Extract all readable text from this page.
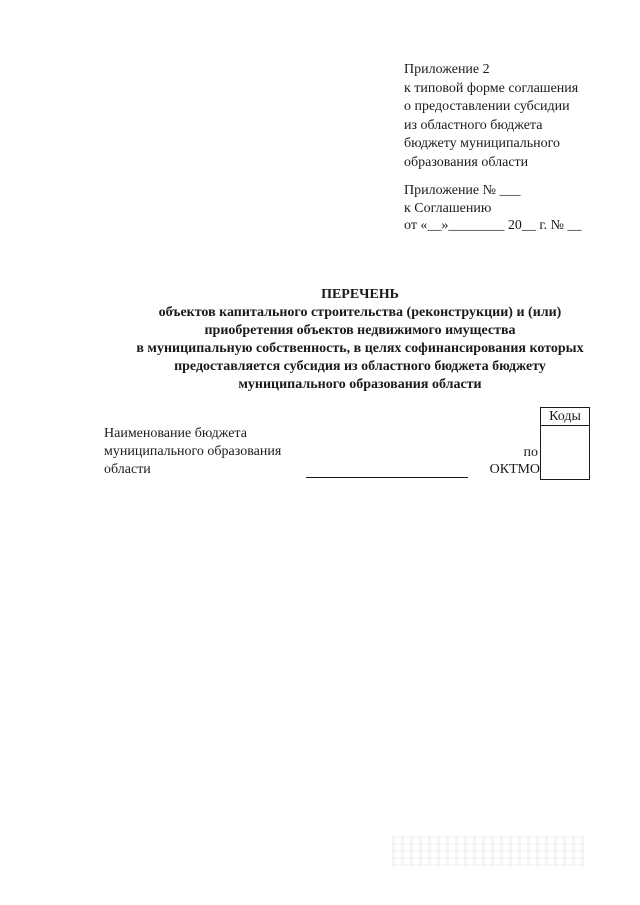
Приложение 2
к типовой форме соглашения
о предоставлении субсидии
из областного бюджета
бюджету муниципального
образования области
Приложение № ___
к Соглашению
от «__»________ 20__ г. № __
ПЕРЕЧЕНЬ
объектов капитального строительства (реконструкции) и (или)
приобретения объектов недвижимого имущества
в муниципальную собственность, в целях софинансирования которых
предоставляется субсидия из областного бюджета бюджету
муниципального образования области
Наименование бюджета
муниципального образования
области
по
ОКТМО
Коды
